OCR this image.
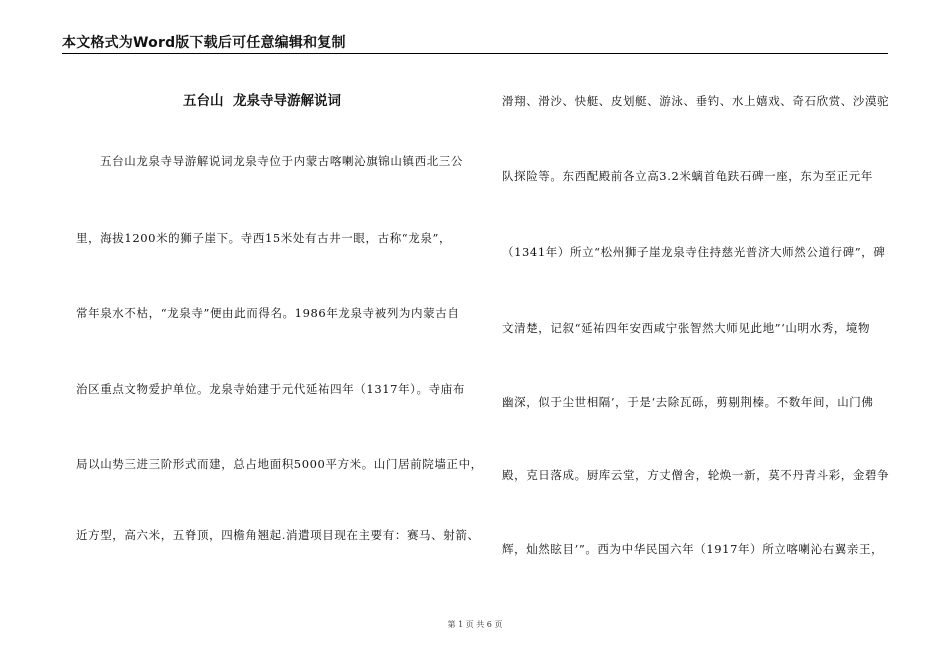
本文格式为Word版下载后可任意编辑和复制
五台山  龙泉寺导游解说词
五台山龙泉寺导游解说词龙泉寺位于内蒙古喀喇沁旗锦山镇西北三公
里，海拔1200米的狮子崖下。寺西15米处有古井一眼，古称“龙泉”，
常年泉水不枯，“龙泉寺”便由此而得名。1986年龙泉寺被列为内蒙古自
治区重点文物爱护单位。龙泉寺始建于元代延祐四年（1317年）。寺庙布
局以山势三进三阶形式而建，总占地面积5000平方米。山门居前院墙正中，
近方型，高六米，五脊顶，四檐角翘起.消遣项目现在主要有：赛马、射箭、
滑翔、滑沙、快艇、皮划艇、游泳、垂钓、水上嬉戏、奇石欣赏、沙漠驼
队探险等。东西配殿前各立高3.2米螭首龟趺石碑一座，东为至正元年
（1341年）所立“松州狮子崖龙泉寺住持慈光普济大师然公道行碑”，碑
文清楚，记叙“延祐四年安西咸宁张智然大师见此地”‘山明水秀，境物
幽深，似于尘世相隔’，于是‘去除瓦砾，剪剔荆榛。不数年间，山门佛
殿，克日落成。厨库云堂，方丈僧舍，轮焕一新，莫不丹青斗彩，金碧争
辉，灿然眩目’”。西为中华民国六年（1917年）所立喀喇沁右翼亲王，
第 1 页 共 6 页
